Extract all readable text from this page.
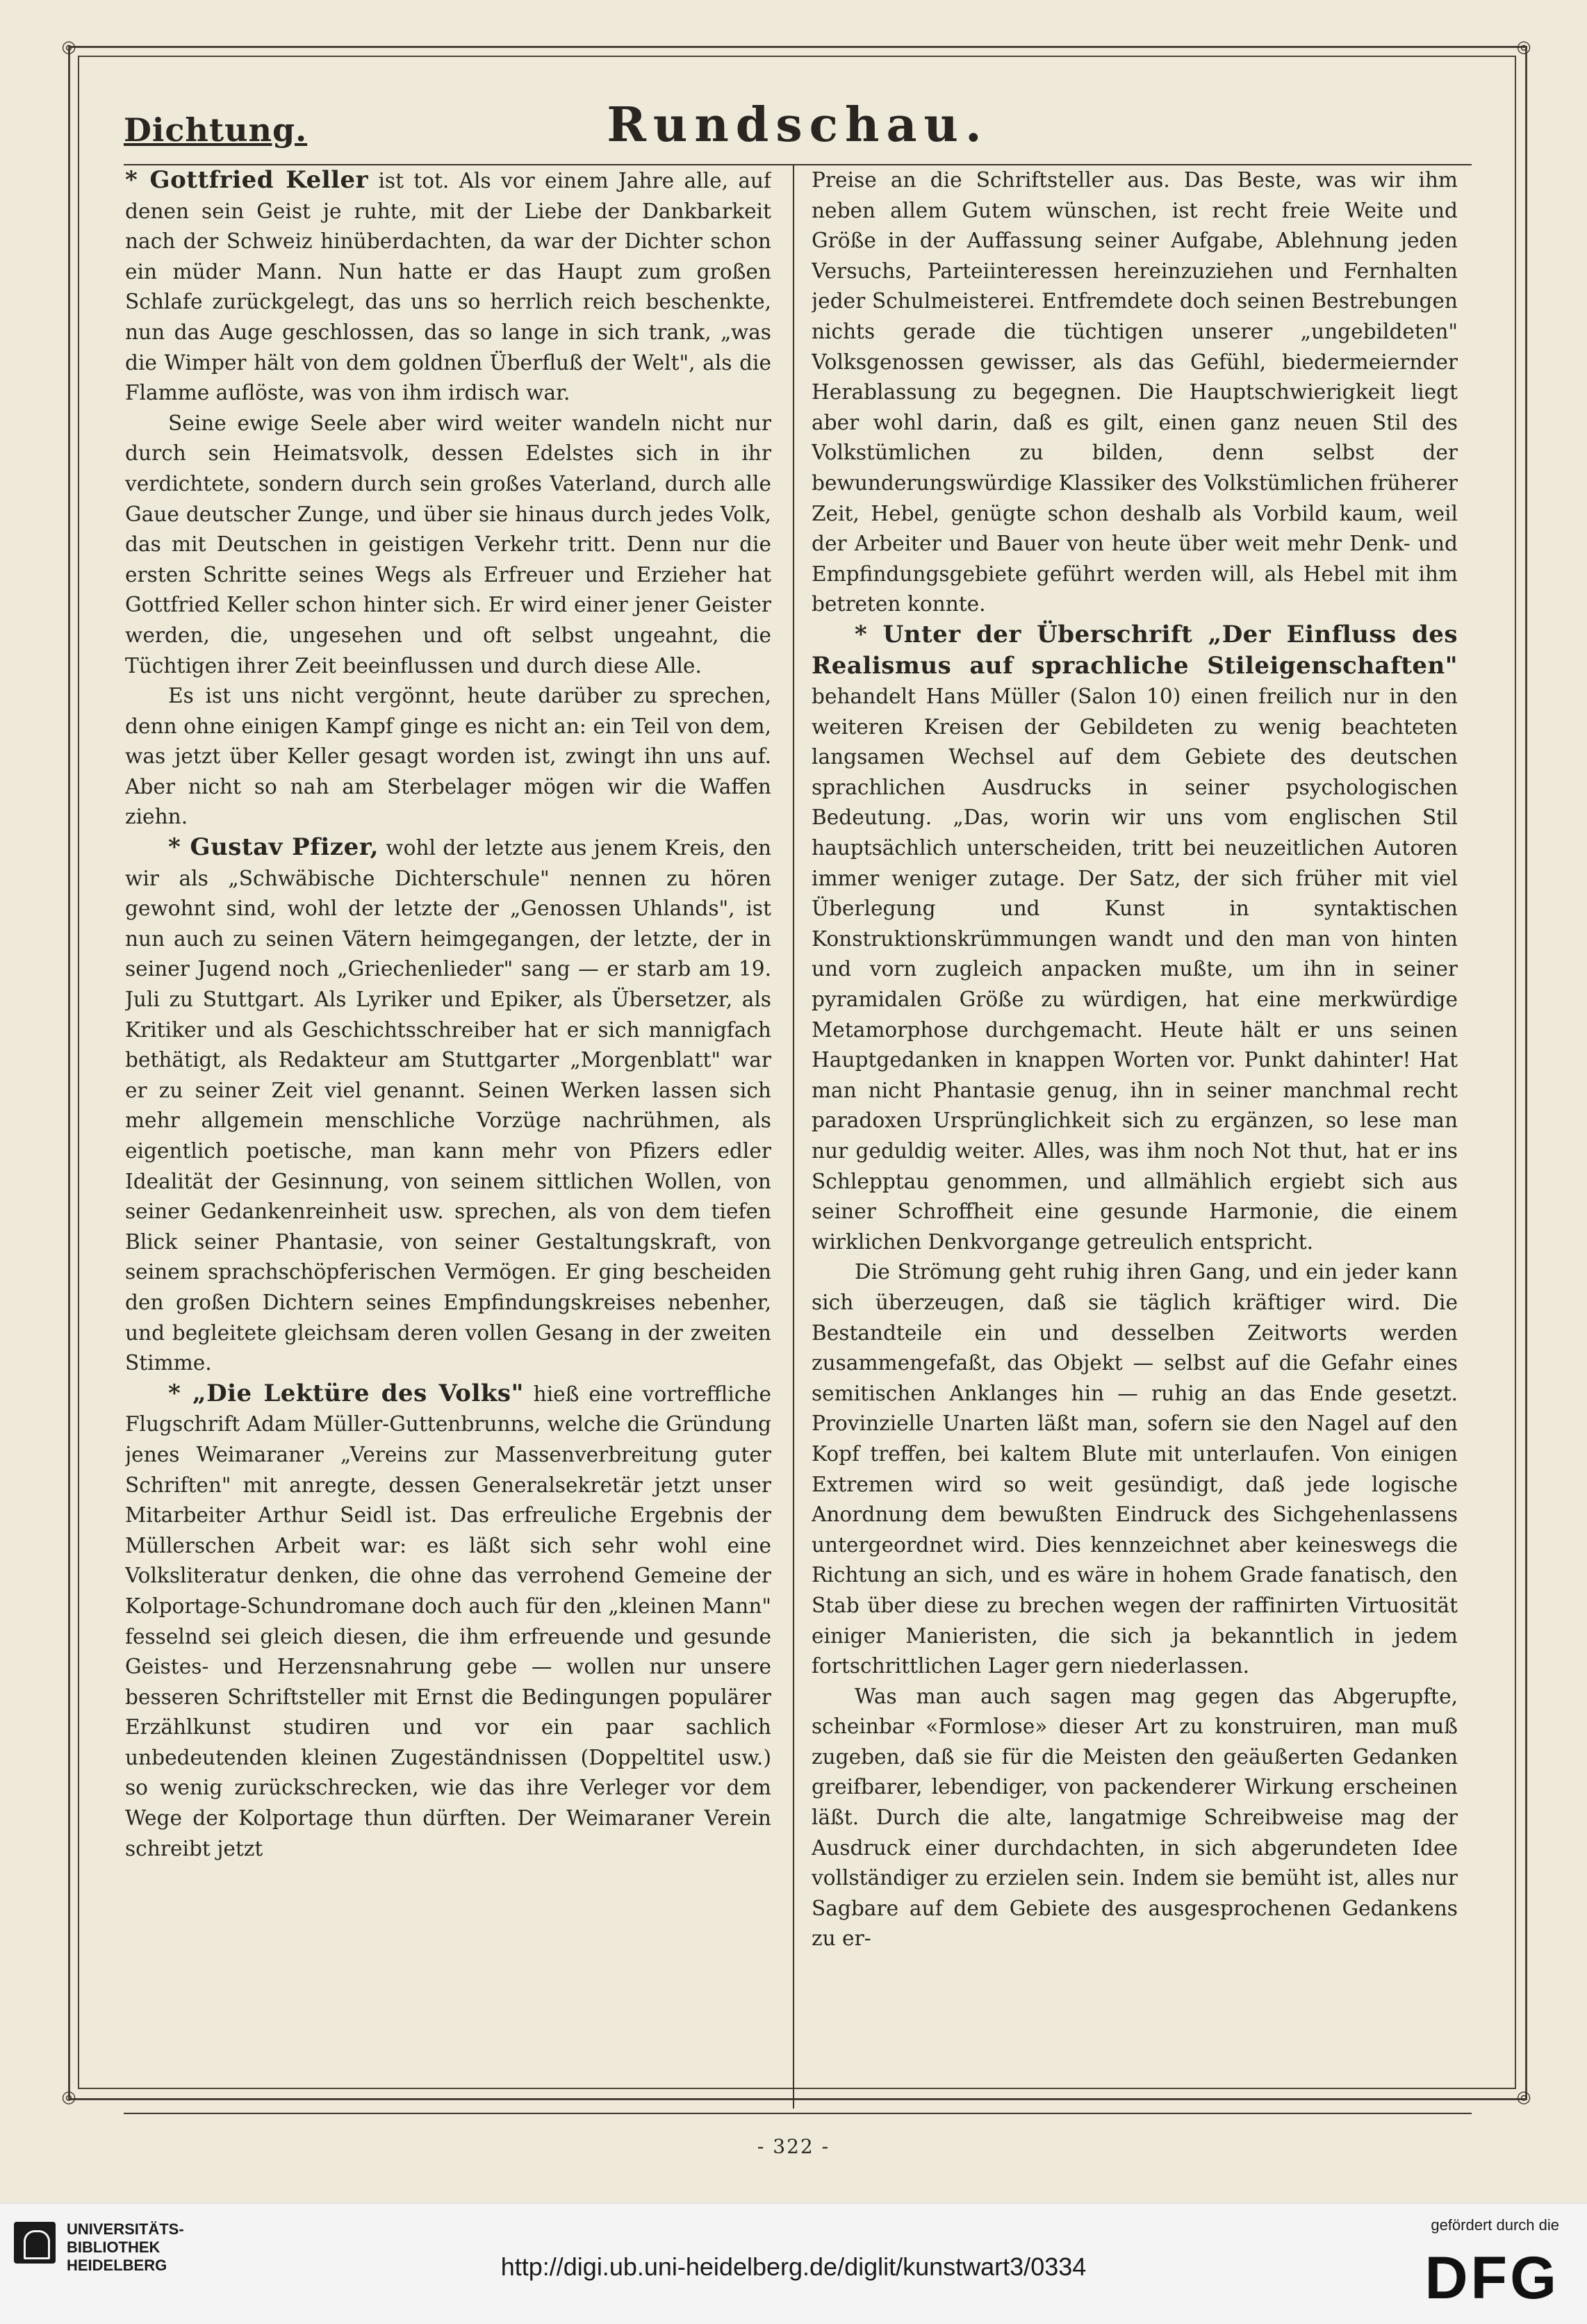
◎	◎
◎	◎
Dichtung.	Rundschau.

* Gottfried Keller ist tot. Als vor einem Jahre alle, auf denen sein Geist je ruhte, mit der Liebe der Dankbarkeit nach der Schweiz hinüberdachten, da war der Dichter schon ein müder Mann. Nun hatte er das Haupt zum großen Schlafe zurückgelegt, das uns so herrlich reich beschenkte, nun das Auge geschlossen, das so lange in sich trank, „was die Wimper hält von dem goldnen Überfluß der Welt", als die Flamme auflöste, was von ihm irdisch war.

Seine ewige Seele aber wird weiter wandeln nicht nur durch sein Heimatsvolk, dessen Edelstes sich in ihr verdichtete, sondern durch sein großes Vaterland, durch alle Gaue deutscher Zunge, und über sie hinaus durch jedes Volk, das mit Deutschen in geistigen Verkehr tritt. Denn nur die ersten Schritte seines Wegs als Erfreuer und Erzieher hat Gottfried Keller schon hinter sich. Er wird einer jener Geister werden, die, ungesehen und oft selbst ungeahnt, die Tüchtigen ihrer Zeit beeinflussen und durch diese Alle.

Es ist uns nicht vergönnt, heute darüber zu sprechen, denn ohne einigen Kampf ginge es nicht an: ein Teil von dem, was jetzt über Keller gesagt worden ist, zwingt ihn uns auf. Aber nicht so nah am Sterbelager mögen wir die Waffen ziehn.

* Gustav Pfizer, wohl der letzte aus jenem Kreis, den wir als „Schwäbische Dichterschule" nennen zu hören gewohnt sind, wohl der letzte der „Genossen Uhlands", ist nun auch zu seinen Vätern heimgegangen, der letzte, der in seiner Jugend noch „Griechenlieder" sang — er starb am 19. Juli zu Stuttgart. Als Lyriker und Epiker, als Übersetzer, als Kritiker und als Geschichtsschreiber hat er sich mannigfach bethätigt, als Redakteur am Stuttgarter „Morgenblatt" war er zu seiner Zeit viel genannt. Seinen Werken lassen sich mehr allgemein menschliche Vorzüge nachrühmen, als eigentlich poetische, man kann mehr von Pfizers edler Idealität der Gesinnung, von seinem sittlichen Wollen, von seiner Gedankenreinheit usw. sprechen, als von dem tiefen Blick seiner Phantasie, von seiner Gestaltungskraft, von seinem sprachschöpferischen Vermögen. Er ging bescheiden den großen Dichtern seines Empfindungskreises nebenher, und begleitete gleichsam deren vollen Gesang in der zweiten Stimme.

* „Die Lektüre des Volks" hieß eine vortreffliche Flugschrift Adam Müller-Guttenbrunns, welche die Gründung jenes Weimaraner „Vereins zur Massenverbreitung guter Schriften" mit anregte, dessen Generalsekretär jetzt unser Mitarbeiter Arthur Seidl ist. Das erfreuliche Ergebnis der Müllerschen Arbeit war: es läßt sich sehr wohl eine Volksliteratur denken, die ohne das verrohend Gemeine der Kolportage-Schundromane doch auch für den „kleinen Mann" fesselnd sei gleich diesen, die ihm erfreuende und gesunde Geistes- und Herzensnahrung gebe — wollen nur unsere besseren Schriftsteller mit Ernst die Bedingungen populärer Erzählkunst studiren und vor ein paar sachlich unbedeutenden kleinen Zugeständnissen (Doppeltitel usw.) so wenig zurückschrecken, wie das ihre Verleger vor dem Wege der Kolportage thun dürften. Der Weimaraner Verein schreibt jetzt

Preise an die Schriftsteller aus. Das Beste, was wir ihm neben allem Gutem wünschen, ist recht freie Weite und Größe in der Auffassung seiner Aufgabe, Ablehnung jeden Versuchs, Parteiinteressen hereinzuziehen und Fernhalten jeder Schulmeisterei. Entfremdete doch seinen Bestrebungen nichts gerade die tüchtigen unserer „ungebildeten" Volksgenossen gewisser, als das Gefühl, biedermeiernder Herablassung zu begegnen. Die Hauptschwierigkeit liegt aber wohl darin, daß es gilt, einen ganz neuen Stil des Volkstümlichen zu bilden, denn selbst der bewunderungswürdige Klassiker des Volkstümlichen früherer Zeit, Hebel, genügte schon deshalb als Vorbild kaum, weil der Arbeiter und Bauer von heute über weit mehr Denk- und Empfindungsgebiete geführt werden will, als Hebel mit ihm betreten konnte.

* Unter der Überschrift „Der Einfluss des Realismus auf sprachliche Stileigenschaften" behandelt Hans Müller (Salon 10) einen freilich nur in den weiteren Kreisen der Gebildeten zu wenig beachteten langsamen Wechsel auf dem Gebiete des deutschen sprachlichen Ausdrucks in seiner psychologischen Bedeutung. „Das, worin wir uns vom englischen Stil hauptsächlich unterscheiden, tritt bei neuzeitlichen Autoren immer weniger zutage. Der Satz, der sich früher mit viel Überlegung und Kunst in syntaktischen Konstruktionskrümmungen wandt und den man von hinten und vorn zugleich anpacken mußte, um ihn in seiner pyramidalen Größe zu würdigen, hat eine merkwürdige Metamorphose durchgemacht. Heute hält er uns seinen Hauptgedanken in knappen Worten vor. Punkt dahinter! Hat man nicht Phantasie genug, ihn in seiner manchmal recht paradoxen Ursprünglichkeit sich zu ergänzen, so lese man nur geduldig weiter. Alles, was ihm noch Not thut, hat er ins Schlepptau genommen, und allmählich ergiebt sich aus seiner Schroffheit eine gesunde Harmonie, die einem wirklichen Denkvorgange getreulich entspricht.

Die Strömung geht ruhig ihren Gang, und ein jeder kann sich überzeugen, daß sie täglich kräftiger wird. Die Bestandteile ein und desselben Zeitworts werden zusammengefaßt, das Objekt — selbst auf die Gefahr eines semitischen Anklanges hin — ruhig an das Ende gesetzt. Provinzielle Unarten läßt man, sofern sie den Nagel auf den Kopf treffen, bei kaltem Blute mit unterlaufen. Von einigen Extremen wird so weit gesündigt, daß jede logische Anordnung dem bewußten Eindruck des Sichgehenlassens untergeordnet wird. Dies kennzeichnet aber keineswegs die Richtung an sich, und es wäre in hohem Grade fanatisch, den Stab über diese zu brechen wegen der raffinirten Virtuosität einiger Manieristen, die sich ja bekanntlich in jedem fortschrittlichen Lager gern niederlassen.

Was man auch sagen mag gegen das Abgerupfte, scheinbar «Formlose» dieser Art zu konstruiren, man muß zugeben, daß sie für die Meisten den geäußerten Gedanken greifbarer, lebendiger, von packenderer Wirkung erscheinen läßt. Durch die alte, langatmige Schreibweise mag der Ausdruck einer durchdachten, in sich abgerundeten Idee vollständiger zu erzielen sein. Indem sie bemüht ist, alles nur Sagbare auf dem Gebiete des ausgesprochenen Gedankens zu er-

- 322 -
UNIVERSITÄTS-
BIBLIOTHEK
HEIDELBERG	http://digi.ub.uni-heidelberg.de/diglit/kunstwart3/0334
gefördert durch die
DFG
